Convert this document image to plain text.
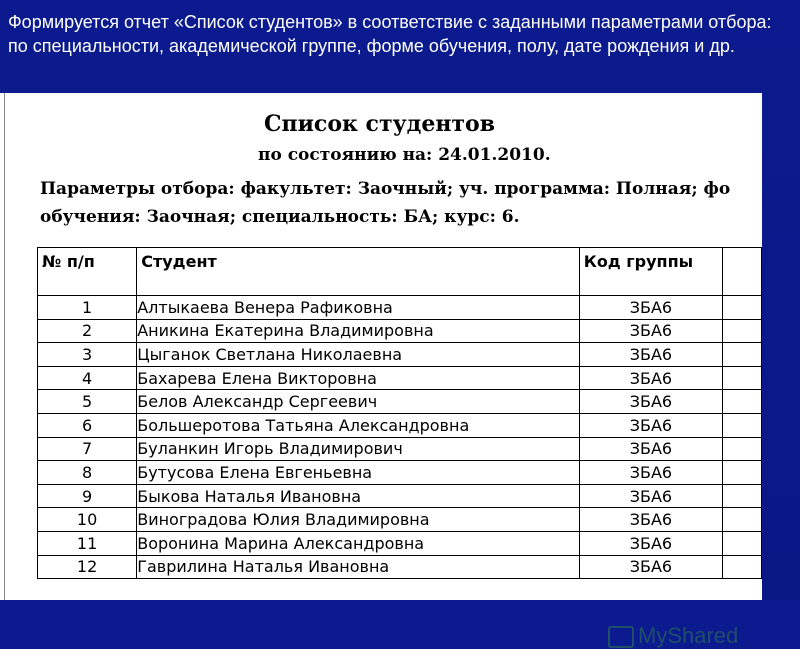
Формируется отчет «Список студентов» в соответствие с заданными параметрами отбора: по специальности, академической группе, форме обучения, полу, дате рождения и др.
Список студентов
по состоянию на: 24.01.2010.
Параметры отбора: факультет: Заочный; уч. программа: Полная; фо
обучения: Заочная; специальность: БА; курс: 6.
№ п/п	Студент	Код группы	
1	Алтыкаева Венера Рафиковна	ЗБА6	
2	Аникина Екатерина Владимировна	ЗБА6	
3	Цыганок Светлана Николаевна	ЗБА6	
4	Бахарева Елена Викторовна	ЗБА6	
5	Белов Александр Сергеевич	ЗБА6	
6	Большеротова Татьяна Александровна	ЗБА6	
7	Буланкин Игорь Владимирович	ЗБА6	
8	Бутусова Елена Евгеньевна	ЗБА6	
9	Быкова Наталья Ивановна	ЗБА6	
10	Виноградова Юлия Владимировна	ЗБА6	
11	Воронина Марина Александровна	ЗБА6	
12	Гаврилина Наталья Ивановна	ЗБА6	
MyShared
